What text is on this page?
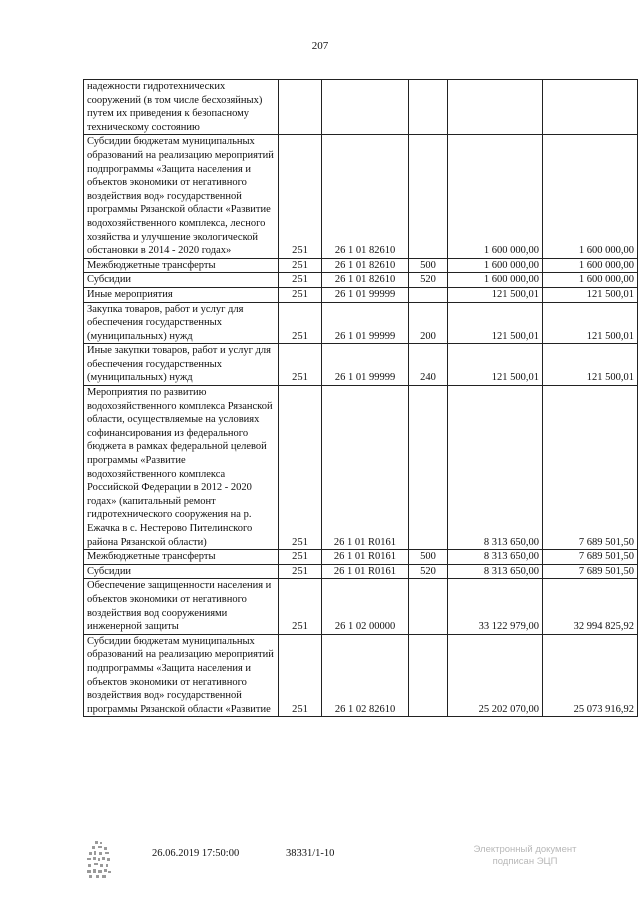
207
надежности гидротехнических сооружений (в том числе бесхозяйных) путем их приведения к безопасному техническому состоянию					
Субсидии бюджетам муниципальных образований на реализацию мероприятий подпрограммы «Защита населения и объектов экономики от негативного воздействия вод» государственной программы Рязанской области «Развитие водохозяйственного комплекса, лесного хозяйства и улучшение экологической обстановки в 2014 - 2020 годах»	251	26 1 01 82610		1 600 000,00	1 600 000,00
Межбюджетные трансферты	251	26 1 01 82610	500	1 600 000,00	1 600 000,00
Субсидии	251	26 1 01 82610	520	1 600 000,00	1 600 000,00
Иные мероприятия	251	26 1 01 99999		121 500,01	121 500,01
Закупка товаров, работ и услуг для обеспечения государственных (муниципальных) нужд	251	26 1 01 99999	200	121 500,01	121 500,01
Иные закупки товаров, работ и услуг для обеспечения государственных (муниципальных) нужд	251	26 1 01 99999	240	121 500,01	121 500,01
Мероприятия по развитию водохозяйственного комплекса Рязанской области, осуществляемые на условиях софинансирования из федерального бюджета в рамках федеральной целевой программы «Развитие водохозяйственного комплекса Российской Федерации в 2012 - 2020 годах» (капитальный ремонт гидротехнического сооружения на р. Ежачка в с. Нестерово Пителинского района Рязанской области)	251	26 1 01 R0161		8 313 650,00	7 689 501,50
Межбюджетные трансферты	251	26 1 01 R0161	500	8 313 650,00	7 689 501,50
Субсидии	251	26 1 01 R0161	520	8 313 650,00	7 689 501,50
Обеспечение защищенности населения и объектов экономики от негативного воздействия вод сооружениями инженерной защиты	251	26 1 02 00000		33 122 979,00	32 994 825,92
Субсидии бюджетам муниципальных образований на реализацию мероприятий подпрограммы «Защита населения и объектов экономики от негативного воздействия вод» государственной программы Рязанской области «Развитие	251	26 1 02 82610		25 202 070,00	25 073 916,92
26.06.2019 17:50:00	38331/1-10	Электронный документ
подписан ЭЦП
